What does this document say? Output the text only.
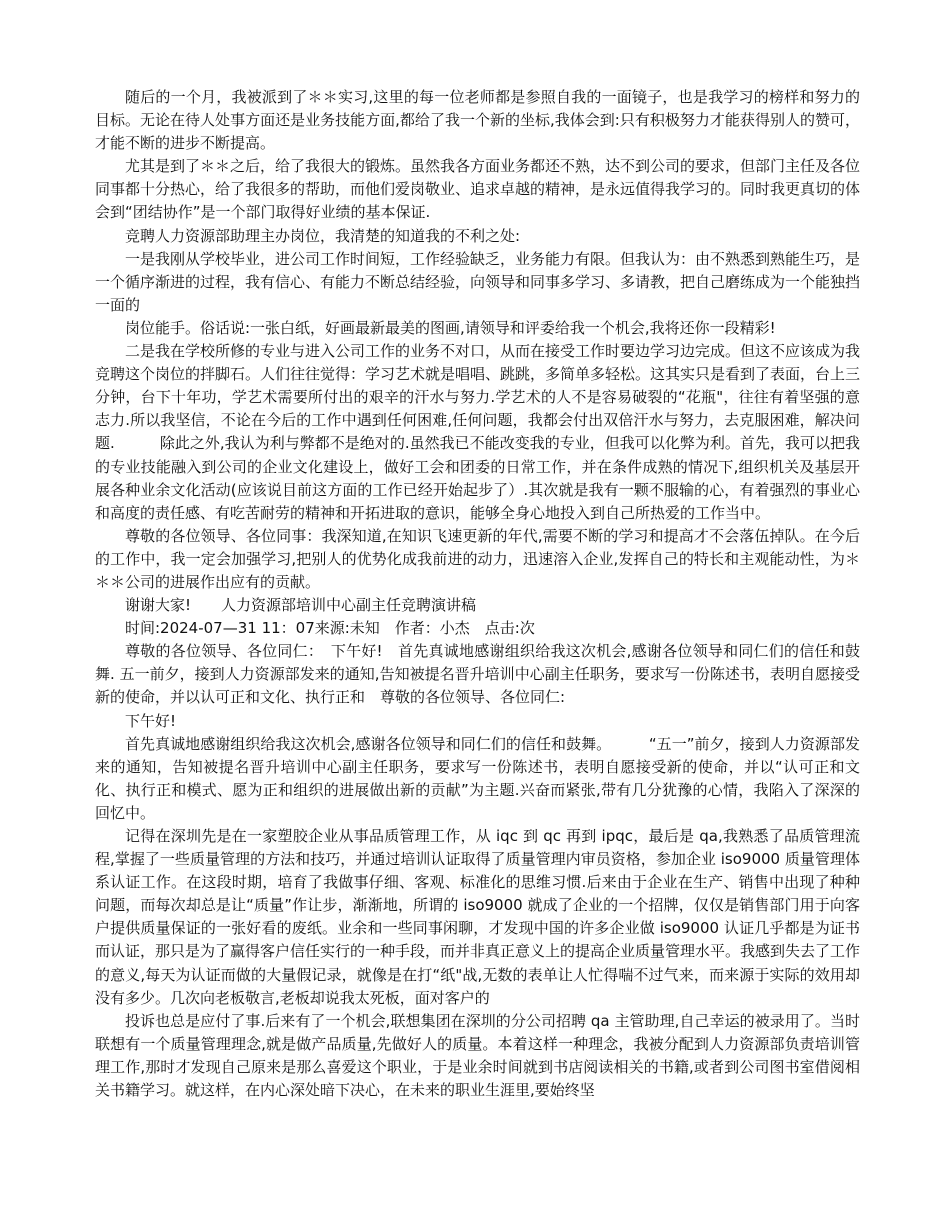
随后的一个月，我被派到了＊＊实习,这里的每一位老师都是参照自我的一面镜子，也是我学习的榜样和努力的目标。无论在待人处事方面还是业务技能方面,都给了我一个新的坐标,我体会到:只有积极努力才能获得别人的赞可，才能不断的进步不断提高。

尤其是到了＊＊之后，给了我很大的锻炼。虽然我各方面业务都还不熟，达不到公司的要求，但部门主任及各位同事都十分热心，给了我很多的帮助，而他们爱岗敬业、追求卓越的精神，是永远值得我学习的。同时我更真切的体会到“团结协作”是一个部门取得好业绩的基本保证.

竞聘人力资源部助理主办岗位，我清楚的知道我的不利之处:

一是我刚从学校毕业，进公司工作时间短，工作经验缺乏，业务能力有限。但我认为：由不熟悉到熟能生巧，是一个循序渐进的过程，我有信心、有能力不断总结经验，向领导和同事多学习、多请教，把自己磨练成为一个能独挡一面的

岗位能手。俗话说:一张白纸，好画最新最美的图画,请领导和评委给我一个机会,我将还你一段精彩!

二是我在学校所修的专业与进入公司工作的业务不对口，从而在接受工作时要边学习边完成。但这不应该成为我竞聘这个岗位的拌脚石。人们往往觉得：学习艺术就是唱唱、跳跳，多简单多轻松。这其实只是看到了表面，台上三分钟，台下十年功，学艺术需要所付出的艰辛的汗水与努力.学艺术的人不是容易破裂的“花瓶"，往往有着坚强的意志力.所以我坚信，不论在今后的工作中遇到任何困难,任何问题，我都会付出双倍汗水与努力，去克服困难，解决问题.　　　除此之外,我认为利与弊都不是绝对的.虽然我已不能改变我的专业，但我可以化弊为利。首先，我可以把我的专业技能融入到公司的企业文化建设上，做好工会和团委的日常工作，并在条件成熟的情况下,组织机关及基层开展各种业余文化活动(应该说目前这方面的工作已经开始起步了）.其次就是我有一颗不服输的心，有着强烈的事业心和高度的责任感、有吃苦耐劳的精神和开拓进取的意识，能够全身心地投入到自己所热爱的工作当中。

尊敬的各位领导、各位同事：我深知道,在知识飞速更新的年代,需要不断的学习和提高才不会落伍掉队。在今后的工作中，我一定会加强学习,把别人的优势化成我前进的动力，迅速溶入企业,发挥自己的特长和主观能动性，为＊＊＊公司的进展作出应有的贡献。

谢谢大家!　　人力资源部培训中心副主任竞聘演讲稿

时间:2024-07—31 11：07来源:未知　作者：小杰　点击:次

尊敬的各位领导、各位同仁：　下午好!　首先真诚地感谢组织给我这次机会,感谢各位领导和同仁们的信任和鼓舞. 五一前夕，接到人力资源部发来的通知,告知被提名晋升培训中心副主任职务，要求写一份陈述书，表明自愿接受新的使命，并以认可正和文化、执行正和　尊敬的各位领导、各位同仁:

下午好!

首先真诚地感谢组织给我这次机会,感谢各位领导和同仁们的信任和鼓舞。　　　“五一”前夕，接到人力资源部发来的通知，告知被提名晋升培训中心副主任职务，要求写一份陈述书，表明自愿接受新的使命，并以“认可正和文化、执行正和模式、愿为正和组织的进展做出新的贡献”为主题.兴奋而紧张,带有几分犹豫的心情，我陷入了深深的回忆中。

记得在深圳先是在一家塑胶企业从事品质管理工作，从 iqc 到 qc 再到 ipqc，最后是 qa,我熟悉了品质管理流程,掌握了一些质量管理的方法和技巧，并通过培训认证取得了质量管理内审员资格，参加企业 iso9000 质量管理体系认证工作。在这段时期，培育了我做事仔细、客观、标准化的思维习惯.后来由于企业在生产、销售中出现了种种问题，而每次却总是让“质量”作让步，渐渐地，所谓的 iso9000 就成了企业的一个招牌，仅仅是销售部门用于向客户提供质量保证的一张好看的废纸。业余和一些同事闲聊，才发现中国的许多企业做 iso9000 认证几乎都是为证书而认证，那只是为了赢得客户信任实行的一种手段，而并非真正意义上的提高企业质量管理水平。我感到失去了工作的意义,每天为认证而做的大量假记录，就像是在打“纸"战,无数的表单让人忙得喘不过气来，而来源于实际的效用却没有多少。几次向老板敬言,老板却说我太死板，面对客户的

投诉也总是应付了事.后来有了一个机会,联想集团在深圳的分公司招聘 qa 主管助理,自己幸运的被录用了。当时联想有一个质量管理理念,就是做产品质量,先做好人的质量。本着这样一种理念，我被分配到人力资源部负责培训管理工作,那时才发现自己原来是那么喜爱这个职业，于是业余时间就到书店阅读相关的书籍,或者到公司图书室借阅相关书籍学习。就这样，在内心深处暗下决心，在未来的职业生涯里,要始终坚
